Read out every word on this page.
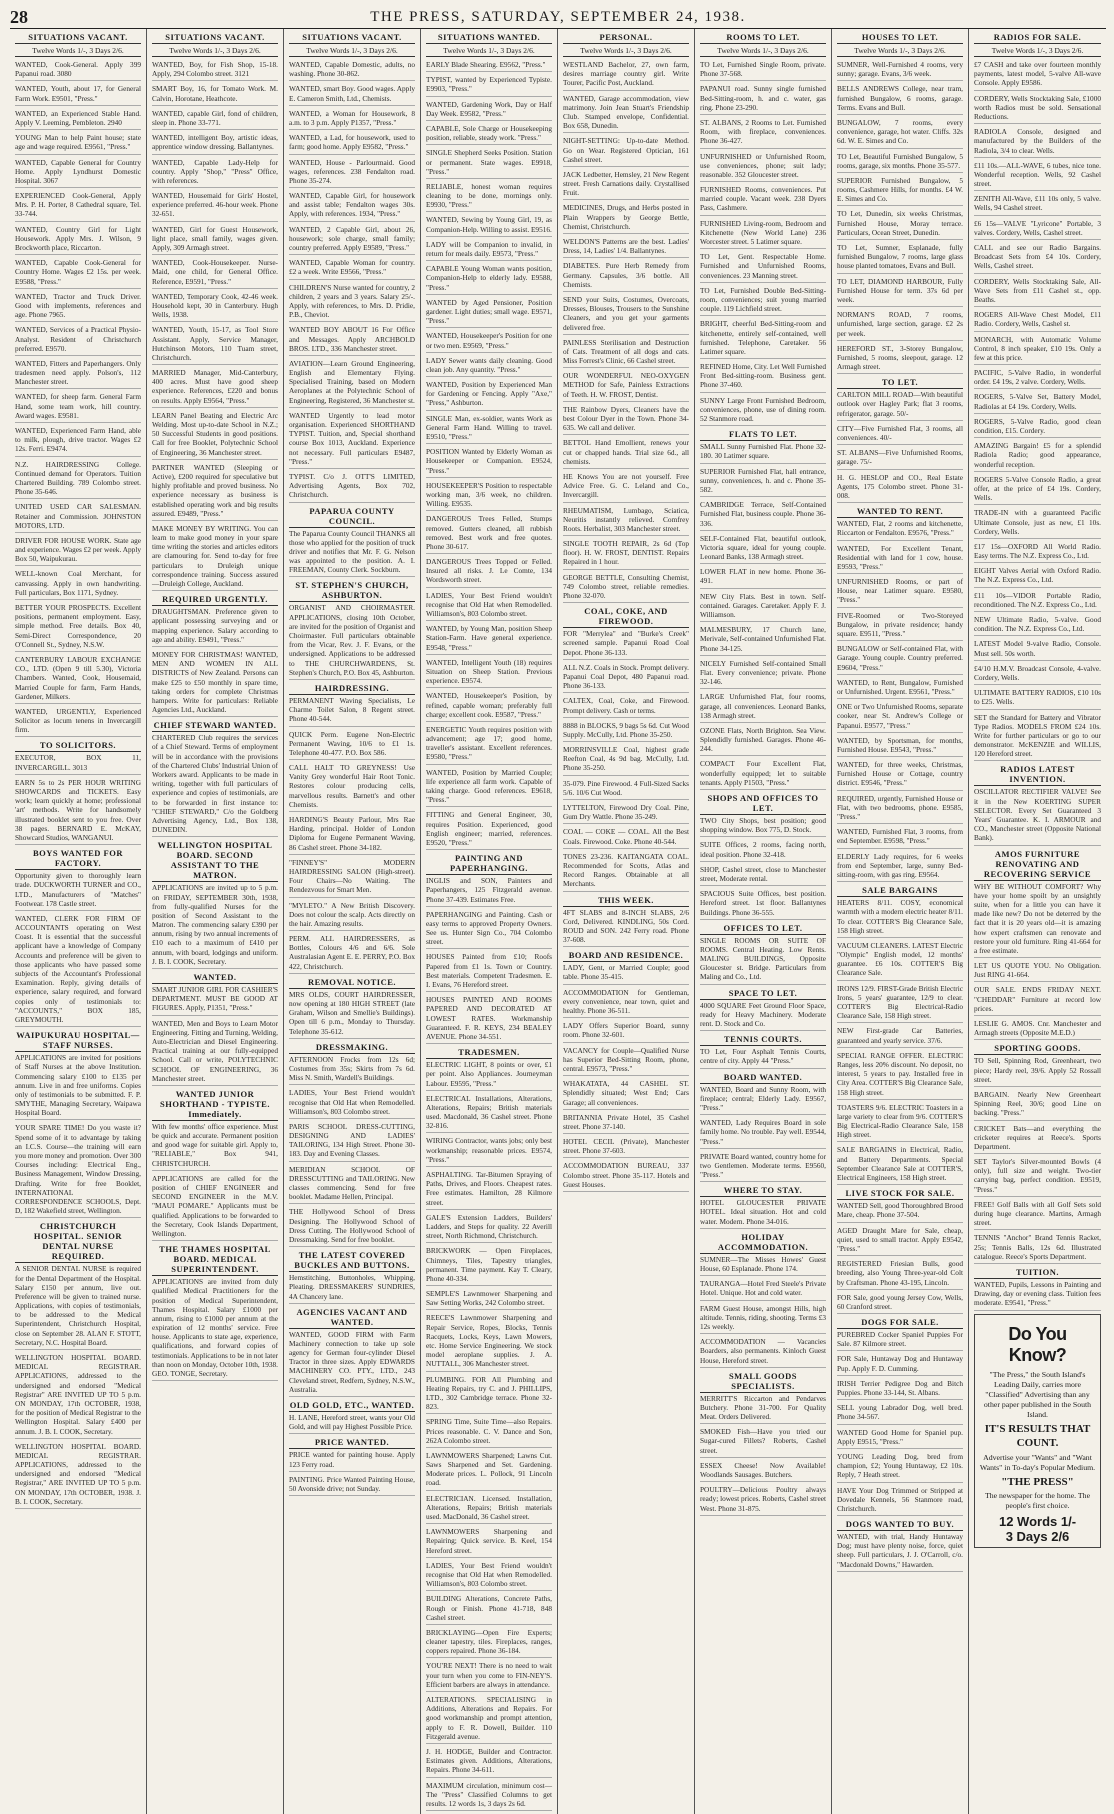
28	THE PRESS, SATURDAY, SEPTEMBER 24, 1938.
SITUATIONS VACANT.
Twelve Words 1/-, 3 Days 2/6.

WANTED, Cook-General. Apply 399 Papanui road. 3080

WANTED, Youth, about 17, for General Farm Work. E9501, "Press."

WANTED, an Experienced Stable Hand. Apply V. Leeming, Pembleton. 2940

YOUNG Man to help Paint house; state age and wage required. E9561, "Press."

WANTED, Capable General for Country Home. Apply Lyndhurst Domestic Hospital. 3067

EXPERIENCED Cook-General, Apply Mrs. P. H. Porter, 8 Cathedral square, Tel. 33-744.

WANTED, Country Girl for Light Housework. Apply Mrs. J. Wilson, 9 Brockworth place, Riccarton.

WANTED, Capable Cook-General for Country Home. Wages £2 15s. per week. E9588, "Press."

WANTED, Tractor and Truck Driver. Good with implements, references and age. Phone 7965.

WANTED, Services of a Practical Physio-Analyst. Resident of Christchurch preferred. E9570.

WANTED, Fitters and Paperhangers. Only tradesmen need apply. Polson's, 112 Manchester street.

WANTED, for sheep farm. General Farm Hand, some team work, hill country. Award wages. E9581.

WANTED, Experienced Farm Hand, able to milk, plough, drive tractor. Wages £2 12s. Ferri. E9474.

N.Z. HAIRDRESSING College. Continued demand for Operators. Tuition Chartered Building. 789 Colombo street. Phone 35-646.

UNITED USED CAR SALESMAN. Retainer and Commission. JOHNSTON MOTORS, LTD.

DRIVER FOR HOUSE WORK. State age and experience. Wages £2 per week. Apply Box 50, Waipukurau.

WELL-known Coal Merchant, for canvassing. Apply in own handwriting. Full particulars, Box 1171, Sydney.

BETTER YOUR PROSPECTS. Excellent positions, permanent employment. Easy, simple method. Free details. Box 40, Semi-Direct Correspondence, 20 O'Connell St., Sydney, N.S.W.

CANTERBURY LABOUR EXCHANGE CO., LTD. (Open 9 till 5.30), Victoria Chambers. Wanted, Cook, Housemaid, Married Couple for farm, Farm Hands, Gardener, Milkers.

WANTED, URGENTLY, Experienced Solicitor as locum tenens in Invercargill firm.

TO SOLICITORS.

EXECUTOR, BOX 11, INVERCARGILL. 3013

EARN 5s to 2s PER HOUR WRITING SHOWCARDS and TICKETS. Easy work; learn quickly at home; professional 'art' methods. Write for handsomely illustrated booklet sent to you free. Over 38 pages. BERNARD E. McKAY, Showcard Studios, WANGANUI.

BOYS WANTED FOR FACTORY.

Opportunity given to thoroughly learn trade. DUCKWORTH TURNER and CO., LTD., Manufacturers of "Matches" Footwear. 178 Castle street.

WANTED, CLERK FOR FIRM OF ACCOUNTANTS operating on West Coast. It is essential that the successful applicant have a knowledge of Company Accounts and preference will be given to those applicants who have passed some subjects of the Accountant's Professional Examination. Reply, giving details of experience, salary required, and forward copies only of testimonials to: "ACCOUNTS," BOX 185, GREYMOUTH.

WAIPUKURAU HOSPITAL—STAFF NURSES.

APPLICATIONS are invited for positions of Staff Nurses at the above Institution. Commencing salary £100 to £135 per annum. Live in and free uniforms. Copies only of testimonials to be submitted. F. P. SMYTHE, Managing Secretary, Waipawa Hospital Board.

YOUR SPARE TIME! Do you waste it? Spend some of it to advantage by taking an I.C.S. Course—the training will earn you more money and promotion. Over 300 Courses including: Electrical Eng., Business Management, Window Dressing, Drafting. Write for free Booklet, INTERNATIONAL CORRESPONDENCE SCHOOLS, Dept. D, 182 Wakefield street, Wellington.

CHRISTCHURCH HOSPITAL. SENIOR DENTAL NURSE REQUIRED.

A SENIOR DENTAL NURSE is required for the Dental Department of the Hospital. Salary £150 per annum, live out. Preference will be given to trained nurse. Applications, with copies of testimonials, to be addressed to the Medical Superintendent, Christchurch Hospital, close on September 28. ALAN F. STOTT, Secretary, N.C. Hospital Board.

WELLINGTON HOSPITAL BOARD. MEDICAL REGISTRAR. APPLICATIONS, addressed to the undersigned and endorsed "Medical Registrar" ARE INVITED UP TO 5 p.m. ON MONDAY, 17th OCTOBER, 1938, for the position of Medical Registrar to the Wellington Hospital. Salary £400 per annum. J. B. I. COOK, Secretary.

WELLINGTON HOSPITAL BOARD. MEDICAL REGISTRAR. APPLICATIONS, addressed to the undersigned and endorsed "Medical Registrar," ARE INVITED UP TO 5 p.m. ON MONDAY, 17th OCTOBER, 1938. J. B. I. COOK, Secretary.

SITUATIONS VACANT.
Twelve Words 1/-, 3 Days 2/6.

WANTED, Boy, for Fish Shop, 15-18. Apply, 294 Colombo street. 3121

SMART Boy, 16, for Tomato Work. M. Calvin, Horotane, Heathcote.

WANTED, capable Girl, fond of children, sleep in. Phone 33-771.

WANTED, intelligent Boy, artistic ideas, apprentice window dressing. Ballantynes.

WANTED, Capable Lady-Help for country. Apply "Shop," "Press" Office, with references.

WANTED, Housemaid for Girls' Hostel, experience preferred. 46-hour week. Phone 32-651.

WANTED, Girl for Guest Housework, light place, small family, wages given. Apply, 309 Armagh street.

WANTED, Cook-Housekeeper. Nurse-Maid, one child, for General Office. Reference, E9591, "Press."

WANTED, Temporary Cook, 42-46 week. Household kept, 30 in Canterbury. Hugh Wells, 1938.

WANTED, Youth, 15-17, as Tool Store Assistant. Apply, Service Manager, Hutchinson Motors, 110 Tuam street, Christchurch.

MARRIED Manager, Mid-Canterbury, 400 acres. Must have good sheep experience. References, £220 and bonus on results. Apply E9564, "Press."

LEARN Panel Beating and Electric Arc Welding. Most up-to-date School in N.Z.; 50 Successful Students in good positions. Call for free Booklet, Polytechnic School of Engineering, 36 Manchester street.

PARTNER WANTED (Sleeping or Active), £200 required for speculative but highly profitable and proved business. No experience necessary as business is established operating work and big results assured. E9489, "Press."

MAKE MONEY BY WRITING. You can learn to make good money in your spare time writing the stories and articles editors are clamouring for. Send to-day for free particulars to Druleigh unique correspondence training. Success assured—Druleigh College, Auckland.

REQUIRED URGENTLY.

DRAUGHTSMAN. Preference given to applicant possessing surveying and or mapping experience. Salary according to age and ability. E9491, "Press."

MONEY FOR CHRISTMAS! WANTED, MEN AND WOMEN IN ALL DISTRICTS of New Zealand. Persons can make £25 to £50 monthly in spare time, taking orders for complete Christmas hampers. Write for particulars: Reliable Agencies Ltd., Auckland.

CHIEF STEWARD WANTED.

CHARTERED Club requires the services of a Chief Steward. Terms of employment will be in accordance with the provisions of the Chartered Clubs' Industrial Union of Workers award. Applicants to be made in writing, together with full particulars of experience and copies of testimonials, are to be forwarded in first instance to: "CHIEF STEWARD," C/o the Goldberg Advertising Agency, Ltd., Box 138, DUNEDIN.

WELLINGTON HOSPITAL BOARD. SECOND ASSISTANT TO THE MATRON.

APPLICATIONS are invited up to 5 p.m. on FRIDAY, SEPTEMBER 30th, 1938, from fully-qualified Nurses for the position of Second Assistant to the Matron. The commencing salary £390 per annum, rising by two annual increments of £10 each to a maximum of £410 per annum, with board, lodgings and uniform. J. B. I. COOK, Secretary.

WANTED.

SMART JUNIOR GIRL FOR CASHIER'S DEPARTMENT. MUST BE GOOD AT FIGURES. Apply, P1351, "Press."

WANTED, Men and Boys to Learn Motor Engineering. Fitting and Turning, Welding, Auto-Electrician and Diesel Engineering. Practical training at our fully-equipped School. Call or write, POLYTECHNIC SCHOOL OF ENGINEERING, 36 Manchester street.

WANTED JUNIOR SHORTHAND - TYPISTE. Immediately.

With few months' office experience. Must be quick and accurate. Permanent position and good wage for suitable girl. Apply to, "RELIABLE," Box 941, CHRISTCHURCH.

APPLICATIONS are called for the position of CHIEF ENGINEER and SECOND ENGINEER in the M.V. "MAUI POMARE." Applicants must be qualified. Applications to be forwarded to the Secretary, Cook Islands Department, Wellington.

THE THAMES HOSPITAL BOARD. MEDICAL SUPERINTENDENT.

APPLICATIONS are invited from duly qualified Medical Practitioners for the position of Medical Superintendent, Thames Hospital. Salary £1000 per annum, rising to £1000 per annum at the expiration of 12 months' service. Free house. Applicants to state age, experience, qualifications, and forward copies of testimonials. Applications to be in not later than noon on Monday, October 10th, 1938. GEO. TONGE, Secretary.

SITUATIONS VACANT.
Twelve Words 1/-, 3 Days 2/6.

WANTED, Capable Domestic, adults, no washing. Phone 30-862.

WANTED, smart Boy. Good wages. Apply E. Cameron Smith, Ltd., Chemists.

WANTED, a Woman for Housework, 8 a.m. to 3 p.m. Apply P1357, "Press."

WANTED, a Lad, for housework, used to farm; good home. Apply E9582, "Press."

WANTED, House - Parlourmaid. Good wages, references. 238 Fendalton road. Phone 35-274.

WANTED, Capable Girl, for housework and assist table; Fendalton wages 30s. Apply, with references. 1934, "Press."

WANTED, 2 Capable Girl, about 26, housework; sole charge, small family; country preferred. Apply E9589, "Press."

WANTED, Capable Woman for country. £2 a week. Write E9566, "Press."

CHILDREN'S Nurse wanted for country, 2 children, 2 years and 3 years. Salary 25/-. Apply, with references, to Mrs. D. Pridie, P.B., Cheviot.

WANTED BOY ABOUT 16 For Office and Messages. Apply ARCHBOLD BROS. LTD., 336 Manchester street.

AVIATION—Learn Ground Engineering, English and Elementary Flying. Specialised Training, based on Modern Aeroplanes at the Polytechnic School of Engineering, Registered, 36 Manchester st.

WANTED Urgently to lead motor organisation. Experienced SHORTHAND TYPIST. Tuition, and, Special shorthand course Box 1013, Auckland. Experience not necessary. Full particulars E9487, "Press."

TYPIST. C/o J. OTT'S LIMITED, Advertising Agents, Box 702, Christchurch.

PAPARUA COUNTY COUNCIL.

The Paparua County Council THANKS all those who applied for the position of truck driver and notifies that Mr. F. G. Nelson was appointed to the position. A. I. FREEMAN, County Clerk. Sockburn.

ST. STEPHEN'S CHURCH, ASHBURTON.

ORGANIST AND CHOIRMASTER. APPLICATIONS, closing 10th October, are invited for the position of Organist and Choirmaster. Full particulars obtainable from the Vicar, Rev. J. F. Evans, or the undersigned. Applications to be addressed to THE CHURCHWARDENS, St. Stephen's Church, P.O. Box 45, Ashburton.

HAIRDRESSING.

PERMANENT Waving Specialists, Le Charme Toilet Salon, 8 Regent street. Phone 40-544.

QUICK Perm. Eugene Non-Electric Permanent Waving, 10/6 to £1 1s. Telephone 40-477. P.O. Box 586.

CALL HALT TO GREYNESS! Use Vanity Grey wonderful Hair Root Tonic. Restores colour producing cells, marvellous results. Barnett's and other Chemists.

HARDING'S Beauty Parlour, Mrs Rae Harding, principal. Holder of London Diploma for Eugene Permanent Waving, 86 Cashel street. Phone 34-182.

"FINNEY'S" MODERN HAIRDRESSING SALON (High-street). Four Chairs—No Waiting. The Rendezvous for Smart Men.

"MYLETO." A New British Discovery. Does not colour the scalp. Acts directly on the hair. Amazing results.

PERM. ALL HAIRDRESSERS, as Bottles, Colours 4/6 and 6/6. Sole Australasian Agent E. E. PERRY, P.O. Box 422, Christchurch.

REMOVAL NOTICE.

MRS OLDS, COURT HAIRDRESSER, now opening at 180 HIGH STREET (late Graham, Wilson and Smellie's Buildings). Open till 6 p.m., Monday to Thursday. Telephone 35-612.

DRESSMAKING.

AFTERNOON Frocks from 12s 6d; Costumes from 35s; Skirts from 7s 6d. Miss N. Smith, Wardell's Buildings.

LADIES, Your Best Friend wouldn't recognise that Old Hat when Remodelled. Williamson's, 803 Colombo street.

PARIS SCHOOL DRESS-CUTTING, DESIGNING AND LADIES' TAILORING, 134 High Street. Phone 30-183. Day and Evening Classes.

MERIDIAN SCHOOL OF DRESSCUTTING and TAILORING. New classes commencing. Send for free booklet. Madame Hellen, Principal.

THE Hollywood School of Dress Designing. The Hollywood School of Dress Cutting. The Hollywood School of Dressmaking. Send for free booklet.

THE LATEST COVERED BUCKLES AND BUTTONS.

Hemstitching, Buttonholes, Whipping, Pleating. DRESSMAKERS' SUNDRIES, 4A Chancery lane.

AGENCIES VACANT AND WANTED.

WANTED, GOOD FIRM with Farm Machinery connection to take up sole agency for German four-cylinder Diesel Tractor in three sizes. Apply EDWARDS MACHINERY CO. PTY., LTD., 243 Cleveland street, Redfern, Sydney, N.S.W., Australia.

OLD GOLD, ETC., WANTED.

H. LANE, Hereford street, wants your Old Gold, and will pay Highest Possible Price.

PRICE WANTED.

PRICE wanted for painting house. Apply 123 Ferry road.

PAINTING. Price Wanted Painting House, 50 Avonside drive; not Sunday.

SITUATIONS WANTED.
Twelve Words 1/-, 3 Days 2/6.

EARLY Blade Shearing. E9562, "Press."

TYPIST, wanted by Experienced Typiste. E9903, "Press."

WANTED, Gardening Work, Day or Half Day Week. E9582, "Press."

CAPABLE, Sole Charge or Housekeeping position, reliable, steady work. "Press."

SINGLE Shepherd Seeks Position. Station or permanent. State wages. E9918, "Press."

RELIABLE, honest woman requires cleaning to be done, mornings only. E9930, "Press."

WANTED, Sewing by Young Girl, 19, as Companion-Help. Willing to assist. E9516.

LADY will be Companion to invalid, in return for meals daily. E9573, "Press."

CAPABLE Young Woman wants position, Companion-Help to elderly lady. E9588, "Press."

WANTED by Aged Pensioner, Position gardener. Light duties; small wage. E9571, "Press."

WANTED, Housekeeper's Position for one or two men. E9569, "Press."

LADY Sewer wants daily cleaning. Good clean job. Any quantity. "Press."

WANTED, Position by Experienced Man for Gardening or Fencing. Apply "Axe," "Press," Ashburton.

SINGLE Man, ex-soldier, wants Work as General Farm Hand. Willing to travel. E9510, "Press."

POSITION Wanted by Elderly Woman as Housekeeper or Companion. E9524, "Press."

HOUSEKEEPER'S Position to respectable working man, 3/6 week, no children. Willing. E9535.

DANGEROUS Trees Felled, Stumps removed. Gutters cleaned, all rubbish removed. Best work and free quotes. Phone 30-617.

DANGEROUS Trees Topped or Felled. Insured all risks. J. Le Comte, 134 Wordsworth street.

LADIES, Your Best Friend wouldn't recognise that Old Hat when Remodelled. Williamson's, 803 Colombo street.

WANTED, by Young Man, position Sheep Station-Farm. Have general experience. E9548, "Press."

WANTED, Intelligent Youth (18) requires Situation on Sheep Station. Previous experience. E9574.

WANTED, Housekeeper's Position, by refined, capable woman; preferably full charge; excellent cook. E9587, "Press."

ENERGETIC Youth requires position with advancement; age 17; good home, traveller's assistant. Excellent references. E9580, "Press."

WANTED, Position by Married Couple; life experience all farm work. Capable of taking charge. Good references. E9618, "Press."

FITTING and General Engineer, 30, requires Position. Experienced, good English engineer; married, references. E9520, "Press."

PAINTING AND PAPERHANGING.

INGLIS and SON, Painters and Paperhangers, 125 Fitzgerald avenue. Phone 37-439. Estimates Free.

PAPERHANGING and Painting. Cash or easy terms to approved Property Owners. See us. Hunter Sign Co., 704 Colombo street.

HOUSES Painted from £10; Roofs Papered from £1 1s. Town or Country. Best materials. Competent Tradesmen. E. I. Evans, 76 Hereford street.

HOUSES PAINTED AND ROOMS PAPERED AND DECORATED AT LOWEST RATES. Workmanship Guaranteed. F. R. KEYS, 234 BEALEY AVENUE. Phone 34-551.

TRADESMEN.

ELECTRIC LIGHT, 8 points or over, £1 per point. Also Appliances. Journeyman Labour. E9595, "Press."

ELECTRICAL Installations, Alterations, Alterations, Repairs; British materials used. Macdonald, 36 Cashel street. Phone 32-816.

WIRING Contractor, wants jobs; only best workmanship; reasonable prices. E9574, "Press."

ASPHALTING. Tar-Bitumen Spraying of Paths, Drives, and Floors. Cheapest rates. Free estimates. Hamilton, 28 Kilmore street.

GALE'S Extension Ladders, Builders' Ladders, and Steps for quality. 22 Averill street, North Richmond, Christchurch.

BRICKWORK — Open Fireplaces, Chimneys, Tiles, Tapestry triangles, permanent. Time payment. Kay T. Cleary, Phone 40-334.

SEMPLE'S Lawnmower Sharpening and Saw Setting Works, 242 Colombo street.

REECE'S Lawnmower Sharpening and Repair Service, Ropes, Blocks, Tennis Racquets, Locks, Keys, Lawn Mowers, etc. Home Service Engineering. We stock model aeroplane supplies. J. A. NUTTALL, 306 Manchester street.

PLUMBING. FOR All Plumbing and Heating Repairs, try C. and J. PHILLIPS, LTD., 302 Cambridge terrace. Phone 32-823.

SPRING Time, Suite Time—also Repairs. Prices reasonable. C. V. Dance and Son, 262A Colombo street.

LAWNMOWERS Sharpened; Lawns Cut. Saws Sharpened and Set. Gardening. Moderate prices. L. Pollock, 91 Lincoln road.

ELECTRICIAN. Licensed. Installation, Alterations, Repairs; British materials used. MacDonald, 36 Cashel street.

LAWNMOWERS Sharpening and Repairing; Quick service. B. Keel, 154 Hereford street.

LADIES, Your Best Friend wouldn't recognise that Old Hat when Remodelled. Williamson's, 803 Colombo street.

BUILDING Alterations, Concrete Paths, Rough or Finish. Phone 41-718, 848 Cashel street.

BRICKLAYING—Open Fire Experts; cleaner tapestry, tiles. Fireplaces, ranges, coppers repaired. Phone 36-184.

YOU'RE NEXT! There is no need to wait your turn when you come to FIN-NEY'S. Efficient barbers are always in attendance.

ALTERATIONS. SPECIALISING in Additions, Alterations and Repairs. For good workmanship and prompt attention, apply to F. R. Dowell, Builder. 110 Fitzgerald avenue.

J. H. HODGE, Builder and Contractor. Estimates given. Additions, Alterations, Repairs. Phone 34-611.

MAXIMUM circulation, minimum cost—The "Press" Classified Columns to get results. 12 words 1s, 3 days 2s 6d.

PERSONAL.
Twelve Words 1/-, 3 Days 2/6.

WESTLAND Bachelor, 27, own farm, desires marriage country girl. Write Tourer, Pacific Post, Auckland.

WANTED, Garage accommodation, view matrimony. Join Jean Stuart's Friendship Club. Stamped envelope, Confidential. Box 658, Dunedin.

NIGHT-SETTING: Up-to-date Method. Go on Wear. Registered Optician, 161 Cashel street.

JACK Ledbetter, Hemsley, 21 New Regent street. Fresh Carnations daily. Crystallised Fruit.

MEDICINES, Drugs, and Herbs posted in Plain Wrappers by George Bettle, Chemist, Christchurch.

WELDON'S Patterns are the best. Ladies' Dress, 14, Ladies' 1/4. Ballantynes.

DIABETES. Pure Herb Remedy from Germany. Capsules, 3/6 bottle. All Chemists.

SEND your Suits, Costumes, Overcoats, Dresses, Blouses, Trousers to the Sunshine Cleaners, and you get your garments delivered free.

PAINLESS Sterilisation and Destruction of Cats. Treatment of all dogs and cats. Miss Forrest's Clinic, 66 Cashel street.

OUR WONDERFUL NEO-OXYGEN METHOD for Safe, Painless Extractions of Teeth. H. W. FROST, Dentist.

THE Rainbow Dyers, Cleaners have the best Colour Dyer in the Town. Phone 34-635. We call and deliver.

BETTOL Hand Emollient, renews your cut or chapped hands. Trial size 6d., all chemists.

HE Knows You are not yourself. Free Advice Free. G. C. Leland and Co., Invercargill.

RHEUMATISM, Lumbago, Sciatica, Neuritis instantly relieved. Comfrey Roots. Herbalist, 303 Manchester street.

SINGLE TOOTH REPAIR, 2s 6d (Top floor). H. W. FROST, DENTIST. Repairs Repaired in 1 hour.

GEORGE BETTLE, Consulting Chemist, 749 Colombo street, reliable remedies. Phone 32-070.

COAL, COKE, AND FIREWOOD.

FOR "Merrylea" and "Burke's Creek" screened sample. Papanui Road Coal Depot. Phone 36-133.

ALL N.Z. Coals in Stock. Prompt delivery. Papanui Coal Depot, 480 Papanui road. Phone 36-133.

CALTEX, Coal, Coke, and Firewood. Prompt delivery. Cash or terms.

8888 in BLOCKS, 9 bags 5s 6d. Cut Wood Supply. McCully, Ltd. Phone 35-250.

MORRINSVILLE Coal, highest grade Reefton Coal, 4s 9d bag. McCully, Ltd. Phone 35-250.

35-079. Pine Firewood. 4 Full-Sized Sacks 5/6. 10/6 Cut Wood.

LYTTELTON, Firewood Dry Coal. Pine, Gum Dry Wattle. Phone 35-249.

COAL — COKE — COAL. All the Best Coals. Firewood. Coke. Phone 40-544.

TONES 23-236. KAITANGATA COAL. Recommended for Scotts, Atlas and Record Ranges. Obtainable at all Merchants.

THIS WEEK.

4FT SLABS and 8-INCH SLABS, 2/6 Cord, Delivered. KINDLING, 50s Cord. ROUD and SON. 242 Ferry road. Phone 37-608.

BOARD AND RESIDENCE.

LADY, Gent, or Married Couple; good table. Phone 35-415.

ACCOMMODATION for Gentleman, every convenience, near town, quiet and healthy. Phone 36-511.

LADY Offers Superior Board, sunny room. Phone 32-601.

VACANCY for Couple—Qualified Nurse has Superior Bed-Sitting Room, phone, central. E9573, "Press."

WHAKATATA, 44 CASHEL ST. Splendidly situated; West End; Cars Garage; all conveniences.

BRITANNIA Private Hotel, 35 Cashel street. Phone 37-140.

HOTEL CECIL (Private), Manchester street. Phone 37-603.

ACCOMMODATION BUREAU, 337 Colombo street. Phone 35-117. Hotels and Guest Houses.

ROOMS TO LET.
Twelve Words 1/-, 3 Days 2/6.

TO Let, Furnished Single Room, private. Phone 37-568.

PAPANUI road. Sunny single furnished Bed-Sitting-room, h. and c. water, gas ring. Phone 23-290.

ST. ALBANS, 2 Rooms to Let. Furnished Room, with fireplace, conveniences. Phone 36-427.

UNFURNISHED or Unfurnished Room, use conveniences, phone; suit lady; reasonable. 352 Gloucester street.

FURNISHED Rooms, conveniences. Put married couple. Vacant week. 238 Dyers Pass, Cashmere.

FURNISHED Living-room, Bedroom and Kitchenette (New World Lane) 236 Worcester street. 5 Latimer square.

TO Let, Gent. Respectable Home. Furnished and Unfurnished Rooms, conveniences. 23 Manning street.

TO Let, Furnished Double Bed-Sitting-room, conveniences; suit young married couple. 119 Lichfield street.

BRIGHT, cheerful Bed-Sitting-room and kitchenette, entirely self-contained, well furnished. Telephone, Caretaker. 56 Latimer square.

REFINED Home, City. Let Well Furnished Front Bed-sitting-room. Business gent. Phone 37-460.

SUNNY Large Front Furnished Bedroom, conveniences, phone, use of dining room. 52 Stanmore road.

FLATS TO LET.

SMALL Sunny Furnished Flat. Phone 32-180. 30 Latimer square.

SUPERIOR Furnished Flat, hall entrance, sunny, conveniences, h. and c. Phone 35-582.

CAMBRIDGE Terrace, Self-Contained Furnished Flat, business couple. Phone 36-336.

SELF-Contained Flat, beautiful outlook, Victoria square, ideal for young couple. Leonard Banks, 138 Armagh street.

LOWER FLAT in new home. Phone 36-491.

NEW City Flats. Best in town. Self-contained. Garages. Caretaker. Apply F. J. Williamson.

MALMESBURY, 17 Church lane, Merivale, Self-contained Unfurnished Flat. Phone 34-125.

NICELY Furnished Self-contained Small Flat. Every convenience; private. Phone 32-146.

LARGE Unfurnished Flat, four rooms, garage, all conveniences. Leonard Banks, 138 Armagh street.

OZONE Flats, North Brighton. Sea View. Splendidly furnished. Garages. Phone 46-244.

COMPACT Four Excellent Flat, wonderfully equipped; let to suitable tenants. Apply P1503, "Press."

SHOPS AND OFFICES TO LET.

TWO City Shops, best position; good shopping window. Box 775, D. Stock.

SUITE Offices, 2 rooms, facing north, ideal position. Phone 32-418.

SHOP, Cashel street, close to Manchester street, Moderate rental.

SPACIOUS Suite Offices, best position. Hereford street. 1st floor. Ballantynes Buildings. Phone 36-555.

OFFICES TO LET.

SINGLE ROOMS OR SUITE OF ROOMS. Central Heating. Low Rents. MALING BUILDINGS, Opposite Gloucester st. Bridge. Particulars from Maling and Co., Ltd.

SPACE TO LET.

4000 SQUARE Feet Ground Floor Space, ready for Heavy Machinery. Moderate rent. D. Stock and Co.

TENNIS COURTS.

TO Let, Four Asphalt Tennis Courts, centre of city. Apply 44 "Press."

BOARD WANTED.

WANTED, Board and Sunny Room, with fireplace; central; Elderly Lady. E9567, "Press."

WANTED, Lady Requires Board in sole family home. No trouble. Pay well. E9544, "Press."

PRIVATE Board wanted, country home for two Gentlemen. Moderate terms. E9560, "Press."

WHERE TO STAY.

HOTEL GLOUCESTER PRIVATE HOTEL. Ideal situation. Hot and cold water. Modern. Phone 34-016.

HOLIDAY ACCOMMODATION.

SUMNER—The Misses Howes' Guest House, 60 Esplanade. Phone 174.

TAURANGA—Hotel Fred Steele's Private Hotel. Unique. Hot and cold water.

FARM Guest House, amongst Hills, high altitude. Tennis, riding, shooting. Terms £3 12s weekly.

ACCOMMODATION — Vacancies Boarders, also permanents. Kinloch Guest House, Hereford street.

SMALL GOODS SPECIALISTS.

MERRITT'S Riccarton and Pendarves Butchery. Phone 31-700. For Quality Meat. Orders Delivered.

SMOKED Fish—Have you tried our Sugar-cured Fillets? Roberts, Cashel street.

ESSEX Cheese! Now Available! Woodlands Sausages. Butchers.

POULTRY—Delicious Poultry always ready; lowest prices. Roberts, Cashel street West. Phone 31-875.

HOUSES TO LET.
Twelve Words 1/-, 3 Days 2/6.

SUMNER, Well-Furnished 4 rooms, very sunny; garage. Evans, 3/6 week.

BELLS ANDREWS College, near tram, furnished Bungalow, 6 rooms, garage. Terms. Evans and Bull.

BUNGALOW, 7 rooms, every convenience, garage, hot water. Cliffs. 32s 6d. W. E. Simes and Co.

TO Let, Beautiful Furnished Bungalow, 5 rooms, garage, six months. Phone 35-577.

SUPERIOR Furnished Bungalow, 5 rooms, Cashmere Hills, for months. £4 W. E. Simes and Co.

TO Let, Dunedin, six weeks Christmas, Furnished House, Moray terrace. Particulars, Ocean Street, Dunedin.

TO Let, Sumner, Esplanade, fully furnished Bungalow, 7 rooms, large glass house planted tomatoes, Evans and Bull.

TO LET, DIAMOND HARBOUR, Fully Furnished House for term. 37s 6d per week.

NORMAN'S ROAD, 7 rooms, unfurnished, large section, garage. £2 2s per week.

HEREFORD ST., 3-Storey Bungalow, Furnished, 5 rooms, sleepout, garage. 12 Armagh street.

TO LET.

CARLTON MILL ROAD—With beautiful outlook over Hagley Park; flat 3 rooms, refrigerator, garage. 50/-

CITY—Five Furnished Flat, 3 rooms, all conveniences. 40/-

ST. ALBANS—Five Unfurnished Rooms, garage. 75/-

H. G. HESLOP and CO., Real Estate Agents, 175 Colombo street. Phone 31-008.

WANTED TO RENT.

WANTED, Flat, 2 rooms and kitchenette, Riccarton or Fendalton. E9576, "Press."

WANTED, For Excellent Tenant, Residential with land for 1 cow, house. E9593, "Press."

UNFURNISHED Rooms, or part of House, near Latimer square. E9580, "Press."

FIVE-Roomed or Two-Storeyed Bungalow, in private residence; handy square. E9511, "Press."

BUNGALOW or Self-contained Flat, with Garage. Young couple. Country preferred. E9604, "Press."

WANTED, to Rent, Bungalow, Furnished or Unfurnished. Urgent. E9561, "Press."

ONE or Two Unfurnished Rooms, separate cooker, near St. Andrew's College or Papanui. E9577, "Press."

WANTED, by Sportsman, for months, Furnished House. E9543, "Press."

WANTED, for three weeks, Christmas, Furnished House or Cottage, country district. E9546, "Press."

REQUIRED, urgently, Furnished House or Flat, with two bedrooms, phone. E9585, "Press."

WANTED, Furnished Flat, 3 rooms, from end September. E9598, "Press."

ELDERLY Lady requires, for 6 weeks from end September, large, sunny Bed-sitting-room, with gas ring. E9564.

SALE BARGAINS

HEATERS 8/11. COSY, economical warmth with a modern electric heater 8/11. To clear. COTTER'S Big Clearance Sale, 158 High street.

VACUUM CLEANERS. LATEST Electric "Olympic" English model, 12 months' guarantee. £6 10s. COTTER'S Big Clearance Sale.

IRONS 12/9. FIRST-Grade British Electric Irons, 5 years' guarantee, 12/9 to clear. COTTER'S Big Electrical-Radio Clearance Sale, 158 High street.

NEW First-grade Car Batteries, guaranteed and yearly service. 37/6.

SPECIAL RANGE OFFER. ELECTRIC Ranges, less 20% discount. No deposit, no interest, 5 years to pay. Installed free in City Area. COTTER'S Big Clearance Sale, 158 High street.

TOASTERS 9/6. ELECTRIC Toasters in a large variety to clear from 9/6. COTTER'S Big Electrical-Radio Clearance Sale, 158 High street.

SALE BARGAINS in Electrical, Radio, and Battery Departments. Special September Clearance Sale at COTTER'S, Electrical Engineers, 158 High street.

LIVE STOCK FOR SALE.

WANTED Sell, good Thoroughbred Brood Mare, cheap. Phone 37-504.

AGED Draught Mare for Sale, cheap, quiet, used to small tractor. Apply E9542, "Press."

REGISTERED Friesian Bulls, good breeding, also Young Three-year-old Colt by Craftsman. Phone 43-195, Lincoln.

FOR Sale, good young Jersey Cow, Wells, 60 Cranford street.

DOGS FOR SALE.

PUREBRED Cocker Spaniel Puppies For Sale. 87 Kilmore street.

FOR Sale, Huntaway Dog and Huntaway Pup. Apply F. D. Cumming.

IRISH Terrier Pedigree Dog and Bitch Puppies. Phone 33-144, St. Albans.

SELL young Labrador Dog, well bred. Phone 34-567.

WANTED Good Home for Spaniel pup. Apply E9515, "Press."

YOUNG Leading Dog, bred from champion, £2; Young Huntaway, £2 10s. Reply, 7 Heath street.

HAVE Your Dog Trimmed or Stripped at Dovedale Kennels, 56 Stanmore road, Christchurch.

DOGS WANTED TO BUY.

WANTED, with trial, Handy Huntaway Dog; must have plenty noise, force, quiet sheep. Full particulars, J. J. O'Carroll, c/o. "Macdonald Downs," Hawarden.

RADIOS FOR SALE.
Twelve Words 1/-, 3 Days 2/6.

£7 CASH and take over fourteen monthly payments, latest model, 5-valve All-wave Console. Apply E9586.

CORDERY, Wells Stocktaking Sale, £1000 worth Radios must be sold. Sensational Reductions.

RADIOLA Console, designed and manufactured by the Builders of the Radiola, 3/4 to clear. Wells.

£11 10s.—ALL-WAVE, 6 tubes, nice tone. Wonderful reception. Wells, 92 Cashel street.

ZENITH All-Wave, £11 10s only, 5 valve. Wells, 94 Cashel street.

£6 15s—VALVE "Lyricone" Portable, 3 valves. Cordery, Wells, Cashel street.

CALL and see our Radio Bargains. Broadcast Sets from £4 10s. Cordery, Wells, Cashel street.

CORDERY, Wells Stocktaking Sale, All-Wave Sets from £11 Cashel st., opp. Beaths.

ROGERS All-Wave Chest Model, £11 Radio. Cordery, Wells, Cashel st.

MONARCH, with Automatic Volume Control, 8 inch speaker, £10 19s. Only a few at this price.

PACIFIC, 5-Valve Radio, in wonderful order. £4 19s, 2 valve. Cordery, Wells.

ROGERS, 5-Valve Set, Battery Model, Radiolas at £4 19s. Cordery, Wells.

ROGERS, 5-Valve Radio, good clean condition, £15. Cordery.

AMAZING Bargain! £5 for a splendid Radiola Radio; good appearance, wonderful reception.

ROGERS 5-Valve Console Radio, a great offer, at the price of £4 19s. Cordery, Wells.

TRADE-IN with a guaranteed Pacific Ultimate Console, just as new, £1 10s. Cordery, Wells.

£17 15s—OXFORD All World Radio. Easy terms. The N.Z. Express Co., Ltd.

EIGHT Valves Aerial with Oxford Radio. The N.Z. Express Co., Ltd.

£11 10s—VIDOR Portable Radio, reconditioned. The N.Z. Express Co., Ltd.

NEW Ultimate Radio, 5-valve. Good condition. The N.Z. Express Co., Ltd.

LATEST Model 9-valve Radio, Console. Must sell. 50s worth.

£4/10 H.M.V. Broadcast Console, 4-valve. Cordery, Wells.

ULTIMATE BATTERY RADIOS, £10 10s to £25. Wells.

SET the Standard for Battery and Vibrator Type Radios. MODELS FROM £24 10s. Write for further particulars or go to our demonstrator. McKENZIE and WILLIS, 120 Hereford street.

RADIOS LATEST INVENTION.

OSCILLATOR RECTIFIER VALVE! See it in the New KOERTING SUPER SELECTOR. Every Set Guaranteed 3 Years' Guarantee. K. I. ARMOUR and CO., Manchester street (Opposite National Bank).

AMOS FURNITURE RENOVATING AND RECOVERING SERVICE

WHY BE WITHOUT COMFORT? Why have your home spoilt by an unsightly suite, when for a little you can have it made like new? Do not be deterred by the fact that it is 20 years old—it is amazing how expert craftsmen can renovate and restore your old furniture. Ring 41-664 for a free estimate.

LET US QUOTE YOU. No Obligation. Just RING 41-664.

OUR SALE. ENDS FRIDAY NEXT. "CHEDDAR" Furniture at record low prices.

LESLIE G. AMOS. Cnr. Manchester and Armagh streets (Opposite M.E.D.)

SPORTING GOODS.

TO Sell, Spinning Rod, Greenheart, two piece; Hardy reel, 39/6. Apply 52 Rossall street.

BARGAIN. Nearly New Greenheart Spinning Reel, 30/6; good Line on backing. "Press."

CRICKET Bats—and everything the cricketer requires at Reece's. Sports Department.

SET Taylor's Silver-mounted Bowls (4 only), full size and weight. Two-tier carrying bag, perfect condition. E9519, "Press."

FREE! Golf Balls with all Golf Sets sold during huge clearance. Martins, Armagh street.

TENNIS "Anchor" Brand Tennis Racket, 25s; Tennis Balls, 12s 6d. Illustrated catalogue. Reece's Sports Department.

TUITION.

WANTED, Pupils, Lessons in Painting and Drawing, day or evening class. Tuition fees moderate. E9541, "Press."

Do You Know?
"The Press," the South Island's Leading Daily, carries more "Classified" Advertising than any other paper published in the South Island.
IT'S RESULTS THAT COUNT.
Advertise your "Wants" and "Want Wants" in To-day's Popular Medium.
"THE PRESS"
The newspaper for the home. The people's first choice.
12 Words 1/-
3 Days 2/6
